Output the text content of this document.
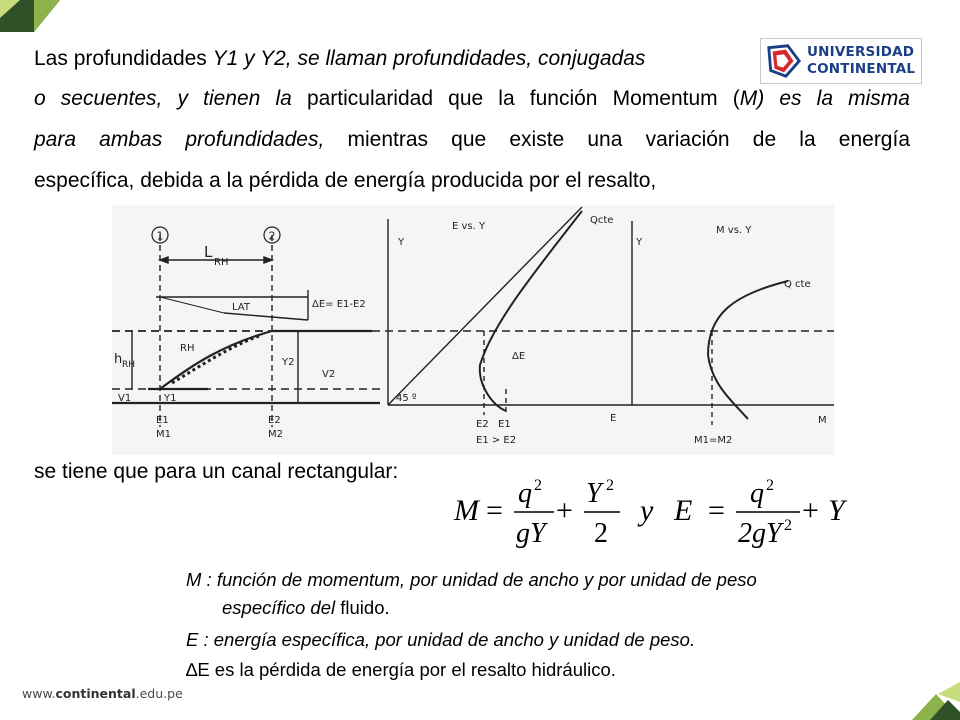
UNIVERSIDAD
CONTINENTAL
Las profundidades Y1 y Y2, se llaman profundidades, conjugadas
o secuentes, y tienen la particularidad que la función Momentum (M) es la misma
para ambas profundidades, mientras que existe una variación de la energía
específica, debida a la pérdida de energía producida por el resalto,
1	2
L
RH
LAT	ΔE= E1-E2
RH
h RH	Y2
V2
V1	Y1
E1
M1
E2
M2
Y
E vs. Y
Qcte
ΔE
45 º
E2 E1
E
E1 > E2
Y
M vs. Y
Q cte
M
M1=M2
se tiene que para un canal rectangular:
M =
q 2
gY
+
Y 2
2
y E =
q 2
2gY 2 + Y
M : función de momentum, por unidad de ancho y por unidad de peso
específico del fluido.
E : energía específica, por unidad de ancho y unidad de peso.
∆E es la pérdida de energía por el resalto hidráulico.
www.continental.edu.pe
